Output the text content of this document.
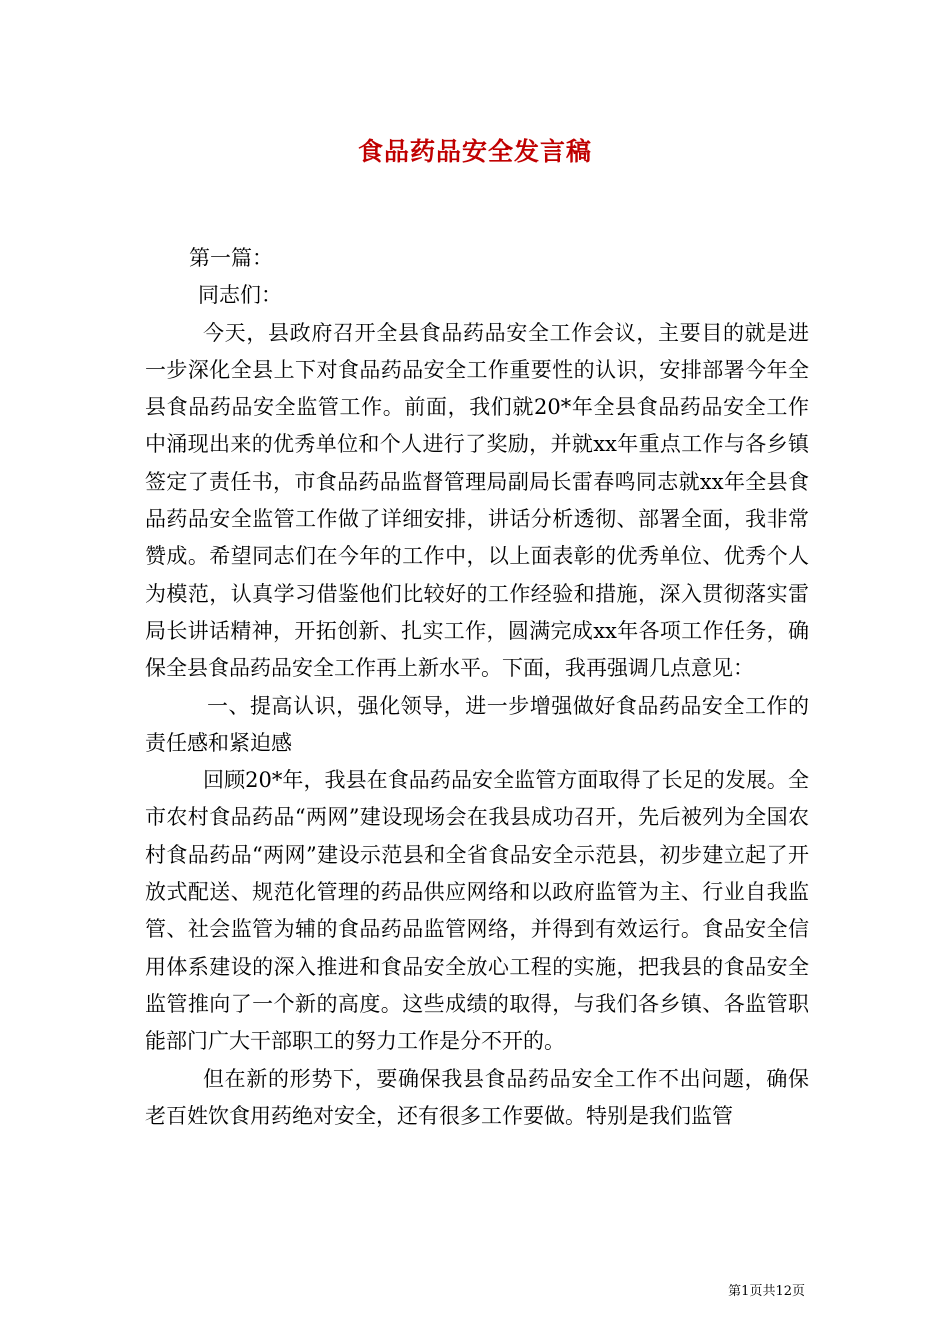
食品药品安全发言稿

第一篇：

同志们：

今天，县政府召开全县食品药品安全工作会议，主要目的就是进一步深化全县上下对食品药品安全工作重要性的认识，安排部署今年全县食品药品安全监管工作。前面，我们就20*年全县食品药品安全工作中涌现出来的优秀单位和个人进行了奖励，并就xx年重点工作与各乡镇签定了责任书，市食品药品监督管理局副局长雷春鸣同志就xx年全县食品药品安全监管工作做了详细安排，讲话分析透彻、部署全面，我非常赞成。希望同志们在今年的工作中，以上面表彰的优秀单位、优秀个人为模范，认真学习借鉴他们比较好的工作经验和措施，深入贯彻落实雷局长讲话精神，开拓创新、扎实工作，圆满完成xx年各项工作任务，确保全县食品药品安全工作再上新水平。下面，我再强调几点意见：

一、提高认识，强化领导，进一步增强做好食品药品安全工作的责任感和紧迫感

回顾20*年，我县在食品药品安全监管方面取得了长足的发展。全市农村食品药品“两网”建设现场会在我县成功召开，先后被列为全国农村食品药品“两网”建设示范县和全省食品安全示范县，初步建立起了开放式配送、规范化管理的药品供应网络和以政府监管为主、行业自我监管、社会监管为辅的食品药品监管网络，并得到有效运行。食品安全信用体系建设的深入推进和食品安全放心工程的实施，把我县的食品安全监管推向了一个新的高度。这些成绩的取得，与我们各乡镇、各监管职能部门广大干部职工的努力工作是分不开的。

但在新的形势下，要确保我县食品药品安全工作不出问题，确保老百姓饮食用药绝对安全，还有很多工作要做。特别是我们监管

第1页共12页
